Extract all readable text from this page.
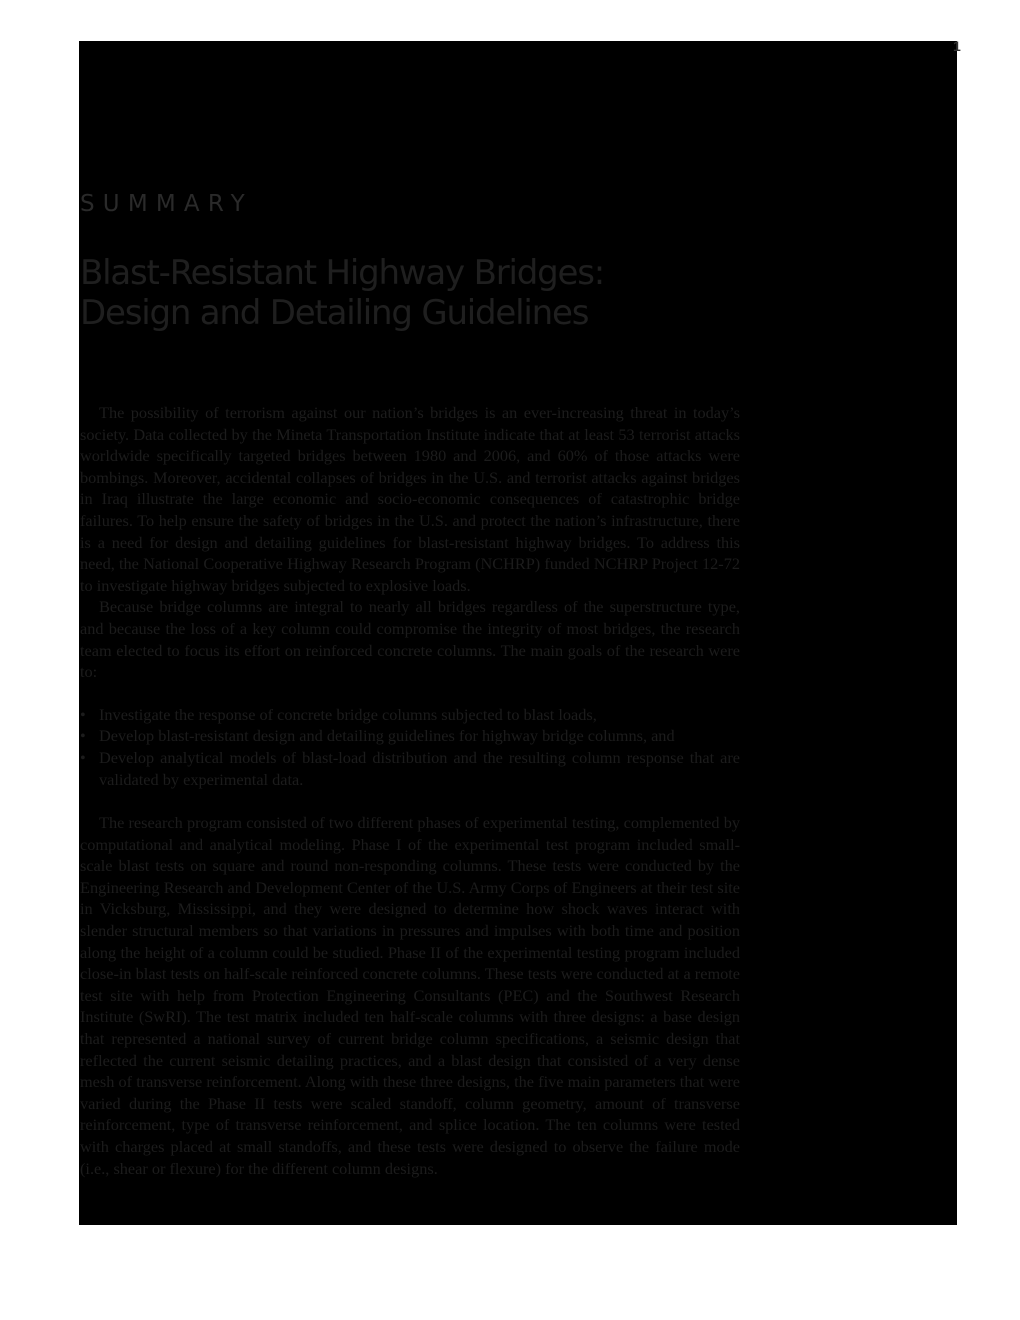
1
SUMMARY
Blast-Resistant Highway Bridges:
Design and Detailing Guidelines

The possibility of terrorism against our nation’s bridges is an ever-increasing threat in today’s society. Data collected by the Mineta Transportation Institute indicate that at least 53 terrorist attacks worldwide specifically targeted bridges between 1980 and 2006, and 60% of those attacks were bombings. Moreover, accidental collapses of bridges in the U.S. and terrorist attacks against bridges in Iraq illustrate the large economic and socio-economic consequences of catastrophic bridge failures. To help ensure the safety of bridges in the U.S. and protect the nation’s infrastructure, there is a need for design and detailing guidelines for blast-resistant highway bridges. To address this need, the National Cooperative Highway Research Program (NCHRP) funded NCHRP Project 12-72 to investigate highway bridges subjected to explosive loads.

Because bridge columns are integral to nearly all bridges regardless of the superstructure type, and because the loss of a key column could compromise the integrity of most bridges, the research team elected to focus its effort on reinforced concrete columns. The main goals of the research were to:

• Investigate the response of concrete bridge columns subjected to blast loads,
• Develop blast-resistant design and detailing guidelines for highway bridge columns, and
• Develop analytical models of blast-load distribution and the resulting column response that are validated by experimental data.

The research program consisted of two different phases of experimental testing, complemented by computational and analytical modeling. Phase I of the experimental test program included small-scale blast tests on square and round non-responding columns. These tests were conducted by the Engineering Research and Development Center of the U.S. Army Corps of Engineers at their test site in Vicksburg, Mississippi, and they were designed to determine how shock waves interact with slender structural members so that variations in pressures and impulses with both time and position along the height of a column could be studied. Phase II of the experimental testing program included close-in blast tests on half-scale reinforced concrete columns. These tests were conducted at a remote test site with help from Protection Engineering Consultants (PEC) and the Southwest Research Institute (SwRI). The test matrix included ten half-scale columns with three designs: a base design that represented a national survey of current bridge column specifications, a seismic design that reflected the current seismic detailing practices, and a blast design that consisted of a very dense mesh of transverse reinforcement. Along with these three designs, the five main parameters that were varied during the Phase II tests were scaled standoff, column geometry, amount of transverse reinforcement, type of transverse reinforcement, and splice location. The ten columns were tested with charges placed at small standoffs, and these tests were designed to observe the failure mode (i.e., shear or flexure) for the different column designs.
